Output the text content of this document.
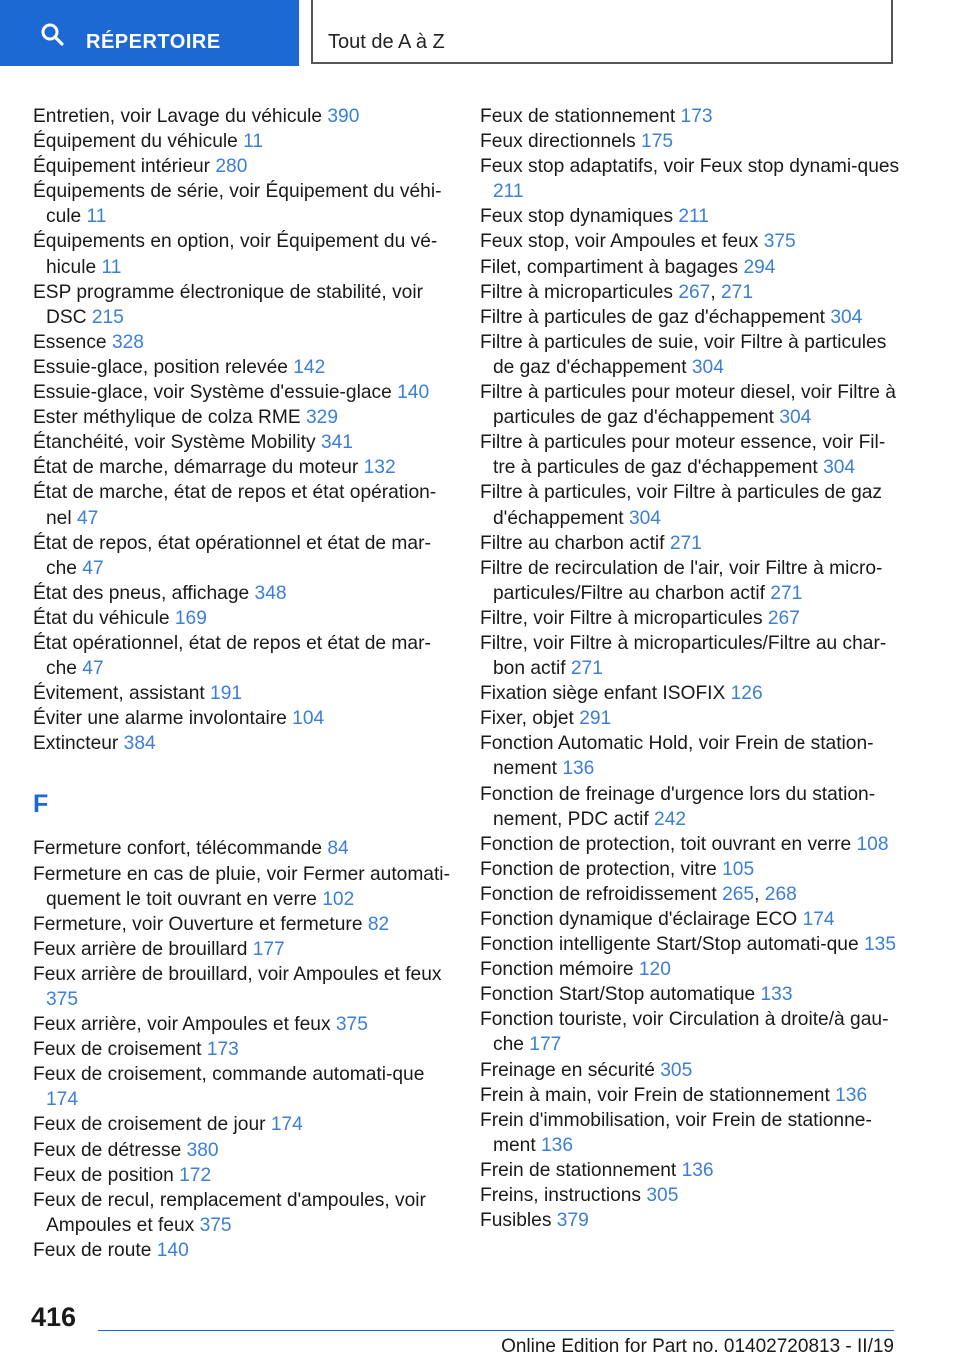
RÉPERTOIRE	Tout de A à Z
Entretien, voir Lavage du véhicule 390
Équipement du véhicule 11
Équipement intérieur 280
Équipements de série, voir Équipement du véhi‐cule 11
Équipements en option, voir Équipement du vé‐hicule 11
ESP programme électronique de stabilité, voir DSC 215
Essence 328
Essuie-glace, position relevée 142
Essuie-glace, voir Système d'essuie-glace 140
Ester méthylique de colza RME 329
Étanchéité, voir Système Mobility 341
État de marche, démarrage du moteur 132
État de marche, état de repos et état opération‐nel 47
État de repos, état opérationnel et état de mar‐che 47
État des pneus, affichage 348
État du véhicule 169
État opérationnel, état de repos et état de mar‐che 47
Évitement, assistant 191
Éviter une alarme involontaire 104
Extincteur 384
F
Fermeture confort, télécommande 84
Fermeture en cas de pluie, voir Fermer automati‐quement le toit ouvrant en verre 102
Fermeture, voir Ouverture et fermeture 82
Feux arrière de brouillard 177
Feux arrière de brouillard, voir Ampoules et feux 375
Feux arrière, voir Ampoules et feux 375
Feux de croisement 173
Feux de croisement, commande automati‐que 174
Feux de croisement de jour 174
Feux de détresse 380
Feux de position 172
Feux de recul, remplacement d'ampoules, voir Ampoules et feux 375
Feux de route 140
Feux de stationnement 173
Feux directionnels 175
Feux stop adaptatifs, voir Feux stop dynami‐ques 211
Feux stop dynamiques 211
Feux stop, voir Ampoules et feux 375
Filet, compartiment à bagages 294
Filtre à microparticules 267, 271
Filtre à particules de gaz d'échappement 304
Filtre à particules de suie, voir Filtre à particules de gaz d'échappement 304
Filtre à particules pour moteur diesel, voir Filtre à particules de gaz d'échappement 304
Filtre à particules pour moteur essence, voir Fil‐tre à particules de gaz d'échappement 304
Filtre à particules, voir Filtre à particules de gaz d'échappement 304
Filtre au charbon actif 271
Filtre de recirculation de l'air, voir Filtre à micro‐particules/Filtre au charbon actif 271
Filtre, voir Filtre à microparticules 267
Filtre, voir Filtre à microparticules/Filtre au char‐bon actif 271
Fixation siège enfant ISOFIX 126
Fixer, objet 291
Fonction Automatic Hold, voir Frein de station‐nement 136
Fonction de freinage d'urgence lors du station‐nement, PDC actif 242
Fonction de protection, toit ouvrant en verre 108
Fonction de protection, vitre 105
Fonction de refroidissement 265, 268
Fonction dynamique d'éclairage ECO 174
Fonction intelligente Start/Stop automati‐que 135
Fonction mémoire 120
Fonction Start/Stop automatique 133
Fonction touriste, voir Circulation à droite/à gau‐che 177
Freinage en sécurité 305
Frein à main, voir Frein de stationnement 136
Frein d'immobilisation, voir Frein de stationne‐ment 136
Frein de stationnement 136
Freins, instructions 305
Fusibles 379
416
Online Edition for Part no. 01402720813 - II/19
